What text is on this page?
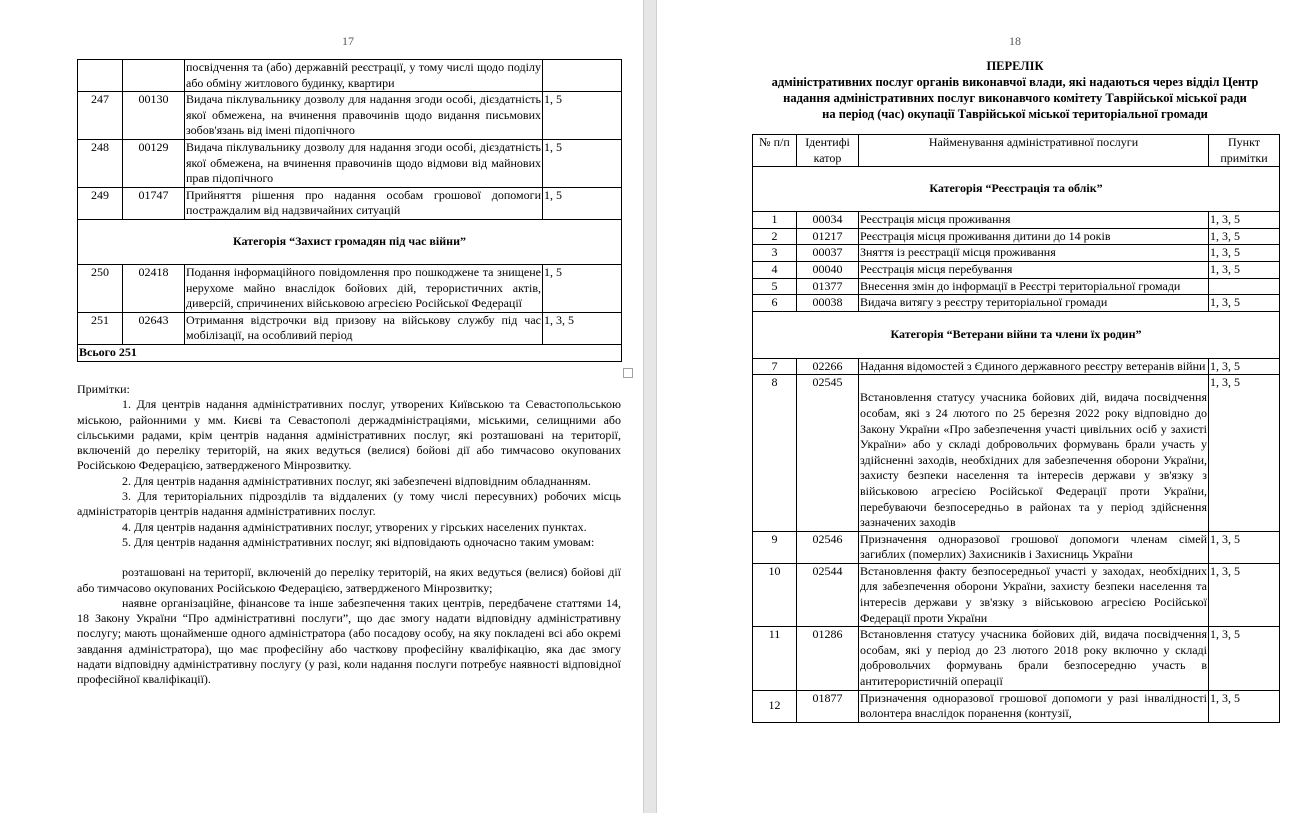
17
		посвідчення та (або) державній реєстрації, у тому числі щодо поділу або обміну житлового будинку, квартири	
247	00130	Видача піклувальнику дозволу для надання згоди особі, дієздатність якої обмежена, на вчинення правочинів щодо видання письмових зобов'язань від імені підопічного	1, 5
248	00129	Видача піклувальнику дозволу для надання згоди особі, дієздатність якої обмежена, на вчинення правочинів щодо відмови від майнових прав підопічного	1, 5
249	01747	Прийняття рішення про надання особам грошової допомоги постраждалим від надзвичайних ситуацій	1, 5
Категорія “Захист громадян під час війни”			
250	02418	Подання інформаційного повідомлення про пошкоджене та знищене нерухоме майно внаслідок бойових дій, терористичних актів, диверсій, спричинених військовою агресією Російської Федерації	1, 5
251	02643	Отримання відстрочки від призову на військову службу під час мобілізації, на особливий період	1, 3, 5
Всього 251			

Примітки:

1. Для центрів надання адміністративних послуг, утворених Київською та Севастопольською міською, районними у мм. Києві та Севастополі держадміністраціями, міськими, селищними або сільськими радами, крім центрів надання адміністративних послуг, які розташовані на території, включеній до переліку територій, на яких ведуться (велися) бойові дії або тимчасово окупованих Російською Федерацією, затвердженого Мінрозвитку.

2. Для центрів надання адміністративних послуг, які забезпечені відповідним обладнанням.

3. Для територіальних підрозділів та віддалених (у тому числі пересувних) робочих місць адміністраторів центрів надання адміністративних послуг.

4. Для центрів надання адміністративних послуг, утворених у гірських населених пунктах.

5. Для центрів надання адміністративних послуг, які відповідають одночасно таким умовам:

розташовані на території, включеній до переліку територій, на яких ведуться (велися) бойові дії або тимчасово окупованих Російською Федерацією, затвердженого Мінрозвитку;

наявне організаційне, фінансове та інше забезпечення таких центрів, передбачене статтями 14, 18 Закону України “Про адміністративні послуги”, що дає змогу надати відповідну адміністративну послугу; мають щонайменше одного адміністратора (або посадову особу, на яку покладені всі або окремі завдання адміністратора), що має професійну або часткову професійну кваліфікацію, яка дає змогу надати відповідну адміністративну послугу (у разі, коли надання послуги потребує наявності відповідної професійної кваліфікації).

18
ПЕРЕЛІК
адміністративних послуг органів виконавчої влади, які надаються через відділ Центр
надання адміністративних послуг виконавчого комітету Таврійської міської ради
на період (час) окупації Таврійської міської територіальної громади
№ п/п	Ідентифі катор	Найменування адміністративної послуги	Пункт примітки
Категорія “Реєстрація та облік”			
1	00034	Реєстрація місця проживання	1, 3, 5
2	01217	Реєстрація місця проживання дитини до 14 років	1, 3, 5
3	00037	Зняття із реєстрації місця проживання	1, 3, 5
4	00040	Реєстрація місця перебування	1, 3, 5
5	01377	Внесення змін до інформації в Реєстрі територіальної громади	
6	00038	Видача витягу з реєстру територіальної громади	1, 3, 5
Категорія “Ветерани війни та члени їх родин”			
7	02266	Надання відомостей з Єдиного державного реєстру ветеранів війни	1, 3, 5
8	02545	Встановлення статусу учасника бойових дій, видача посвідчення особам, які з 24 лютого по 25 березня 2022 року відповідно до Закону України «Про забезпечення участі цивільних осіб у захисті України» або у складі добровольчих формувань брали участь у здійсненні заходів, необхідних для забезпечення оборони України, захисту безпеки населення та інтересів держави у зв'язку з військовою агресією Російської Федерації проти України, перебуваючи безпосередньо в районах та у період здійснення зазначених заходів	1, 3, 5
9	02546	Призначення одноразової грошової допомоги членам сімей загиблих (померлих) Захисників і Захисниць України	1, 3, 5
10	02544	Встановлення факту безпосередньої участі у заходах, необхідних для забезпечення оборони України, захисту безпеки населення та інтересів держави у зв'язку з військовою агресією Російської Федерації проти України	1, 3, 5
11	01286	Встановлення статусу учасника бойових дій, видача посвідчення особам, які у період до 23 лютого 2018 року включно у складі добровольчих формувань брали безпосередню участь в антитерористичній операції	1, 3, 5
12	01877	Призначення одноразової грошової допомоги у разі інвалідності волонтера внаслідок поранення (контузії,	1, 3, 5
